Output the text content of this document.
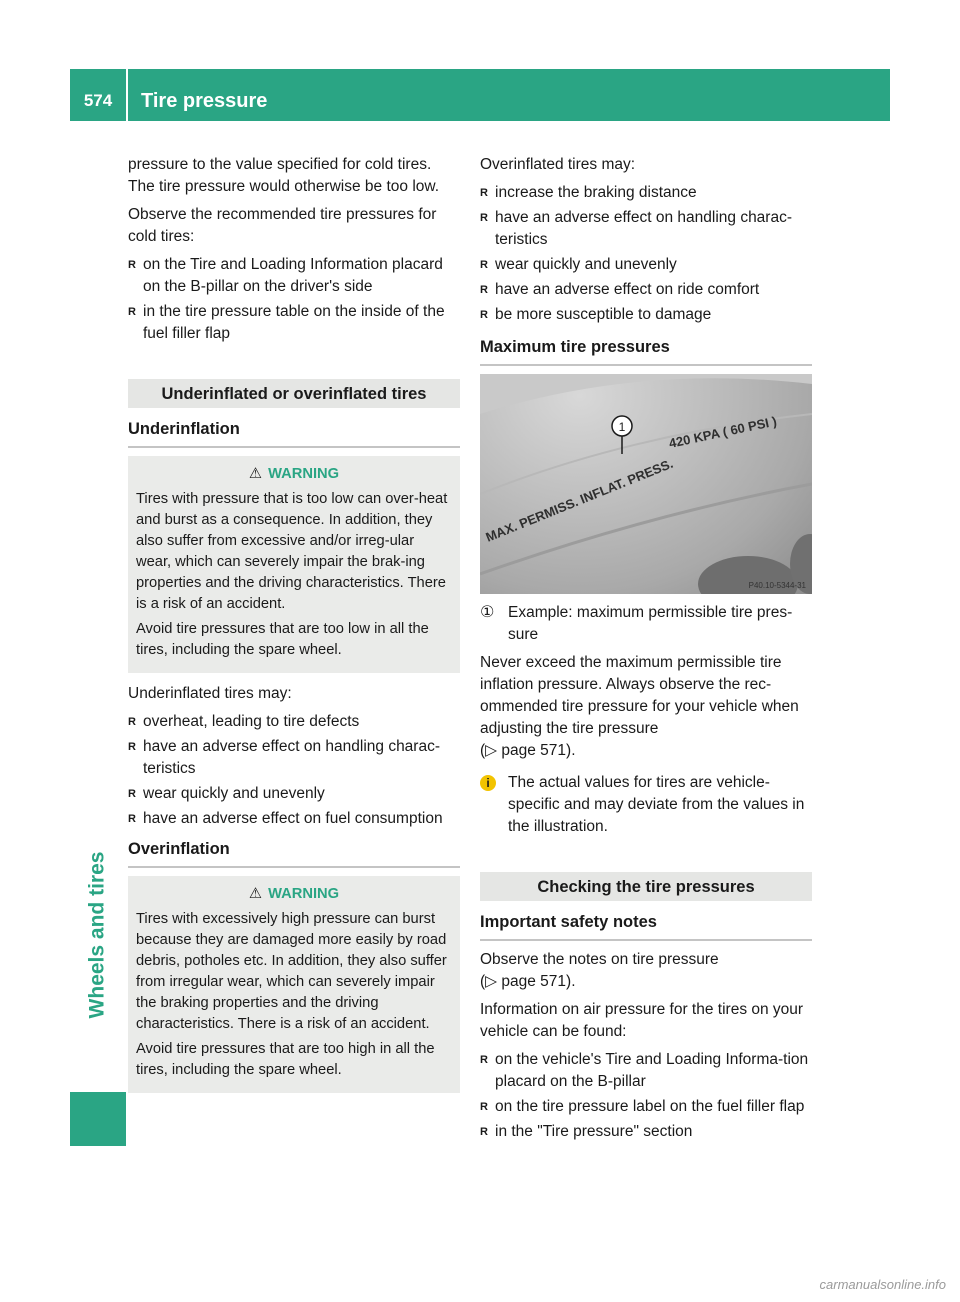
574	Tire pressure
Wheels and tires

pressure to the value specified for cold tires. The tire pressure would otherwise be too low.

Observe the recommended tire pressures for cold tires:

R on the Tire and Loading Information placard on the B-pillar on the driver's side
R in the tire pressure table on the inside of the fuel filler flap
Underinflated or overinflated tires
Underinflation
⚠ WARNING

Tires with pressure that is too low can over-heat and burst as a consequence. In addition, they also suffer from excessive and/or irreg-ular wear, which can severely impair the brak-ing properties and the driving characteristics. There is a risk of an accident.

Avoid tire pressures that are too low in all the tires, including the spare wheel.

Underinflated tires may:

R overheat, leading to tire defects
R have an adverse effect on handling charac-teristics
R wear quickly and unevenly
R have an adverse effect on fuel consumption
Overinflation
⚠ WARNING

Tires with excessively high pressure can burst because they are damaged more easily by road debris, potholes etc. In addition, they also suffer from irregular wear, which can severely impair the braking properties and the driving characteristics. There is a risk of an accident.

Avoid tire pressures that are too high in all the tires, including the spare wheel.

Overinflated tires may:

R increase the braking distance
R have an adverse effect on handling charac-teristics
R wear quickly and unevenly
R have an adverse effect on ride comfort
R be more susceptible to damage
Maximum tire pressures
MAX. PERMISS. INFLAT. PRESS.
420 KPA ( 60 PSI )
1
P40.10-5344-31
① Example: maximum permissible tire pres-sure

Never exceed the maximum permissible tire inflation pressure. Always observe the rec-ommended tire pressure for your vehicle when adjusting the tire pressure

(▷ page 571).

i	The actual values for tires are vehicle-specific and may deviate from the values in the illustration.
Checking the tire pressures
Important safety notes

Observe the notes on tire pressure

(▷ page 571).

Information on air pressure for the tires on your vehicle can be found:

R on the vehicle's Tire and Loading Informa-tion placard on the B-pillar
R on the tire pressure label on the fuel filler flap
R in the "Tire pressure" section
carmanualsonline.info
